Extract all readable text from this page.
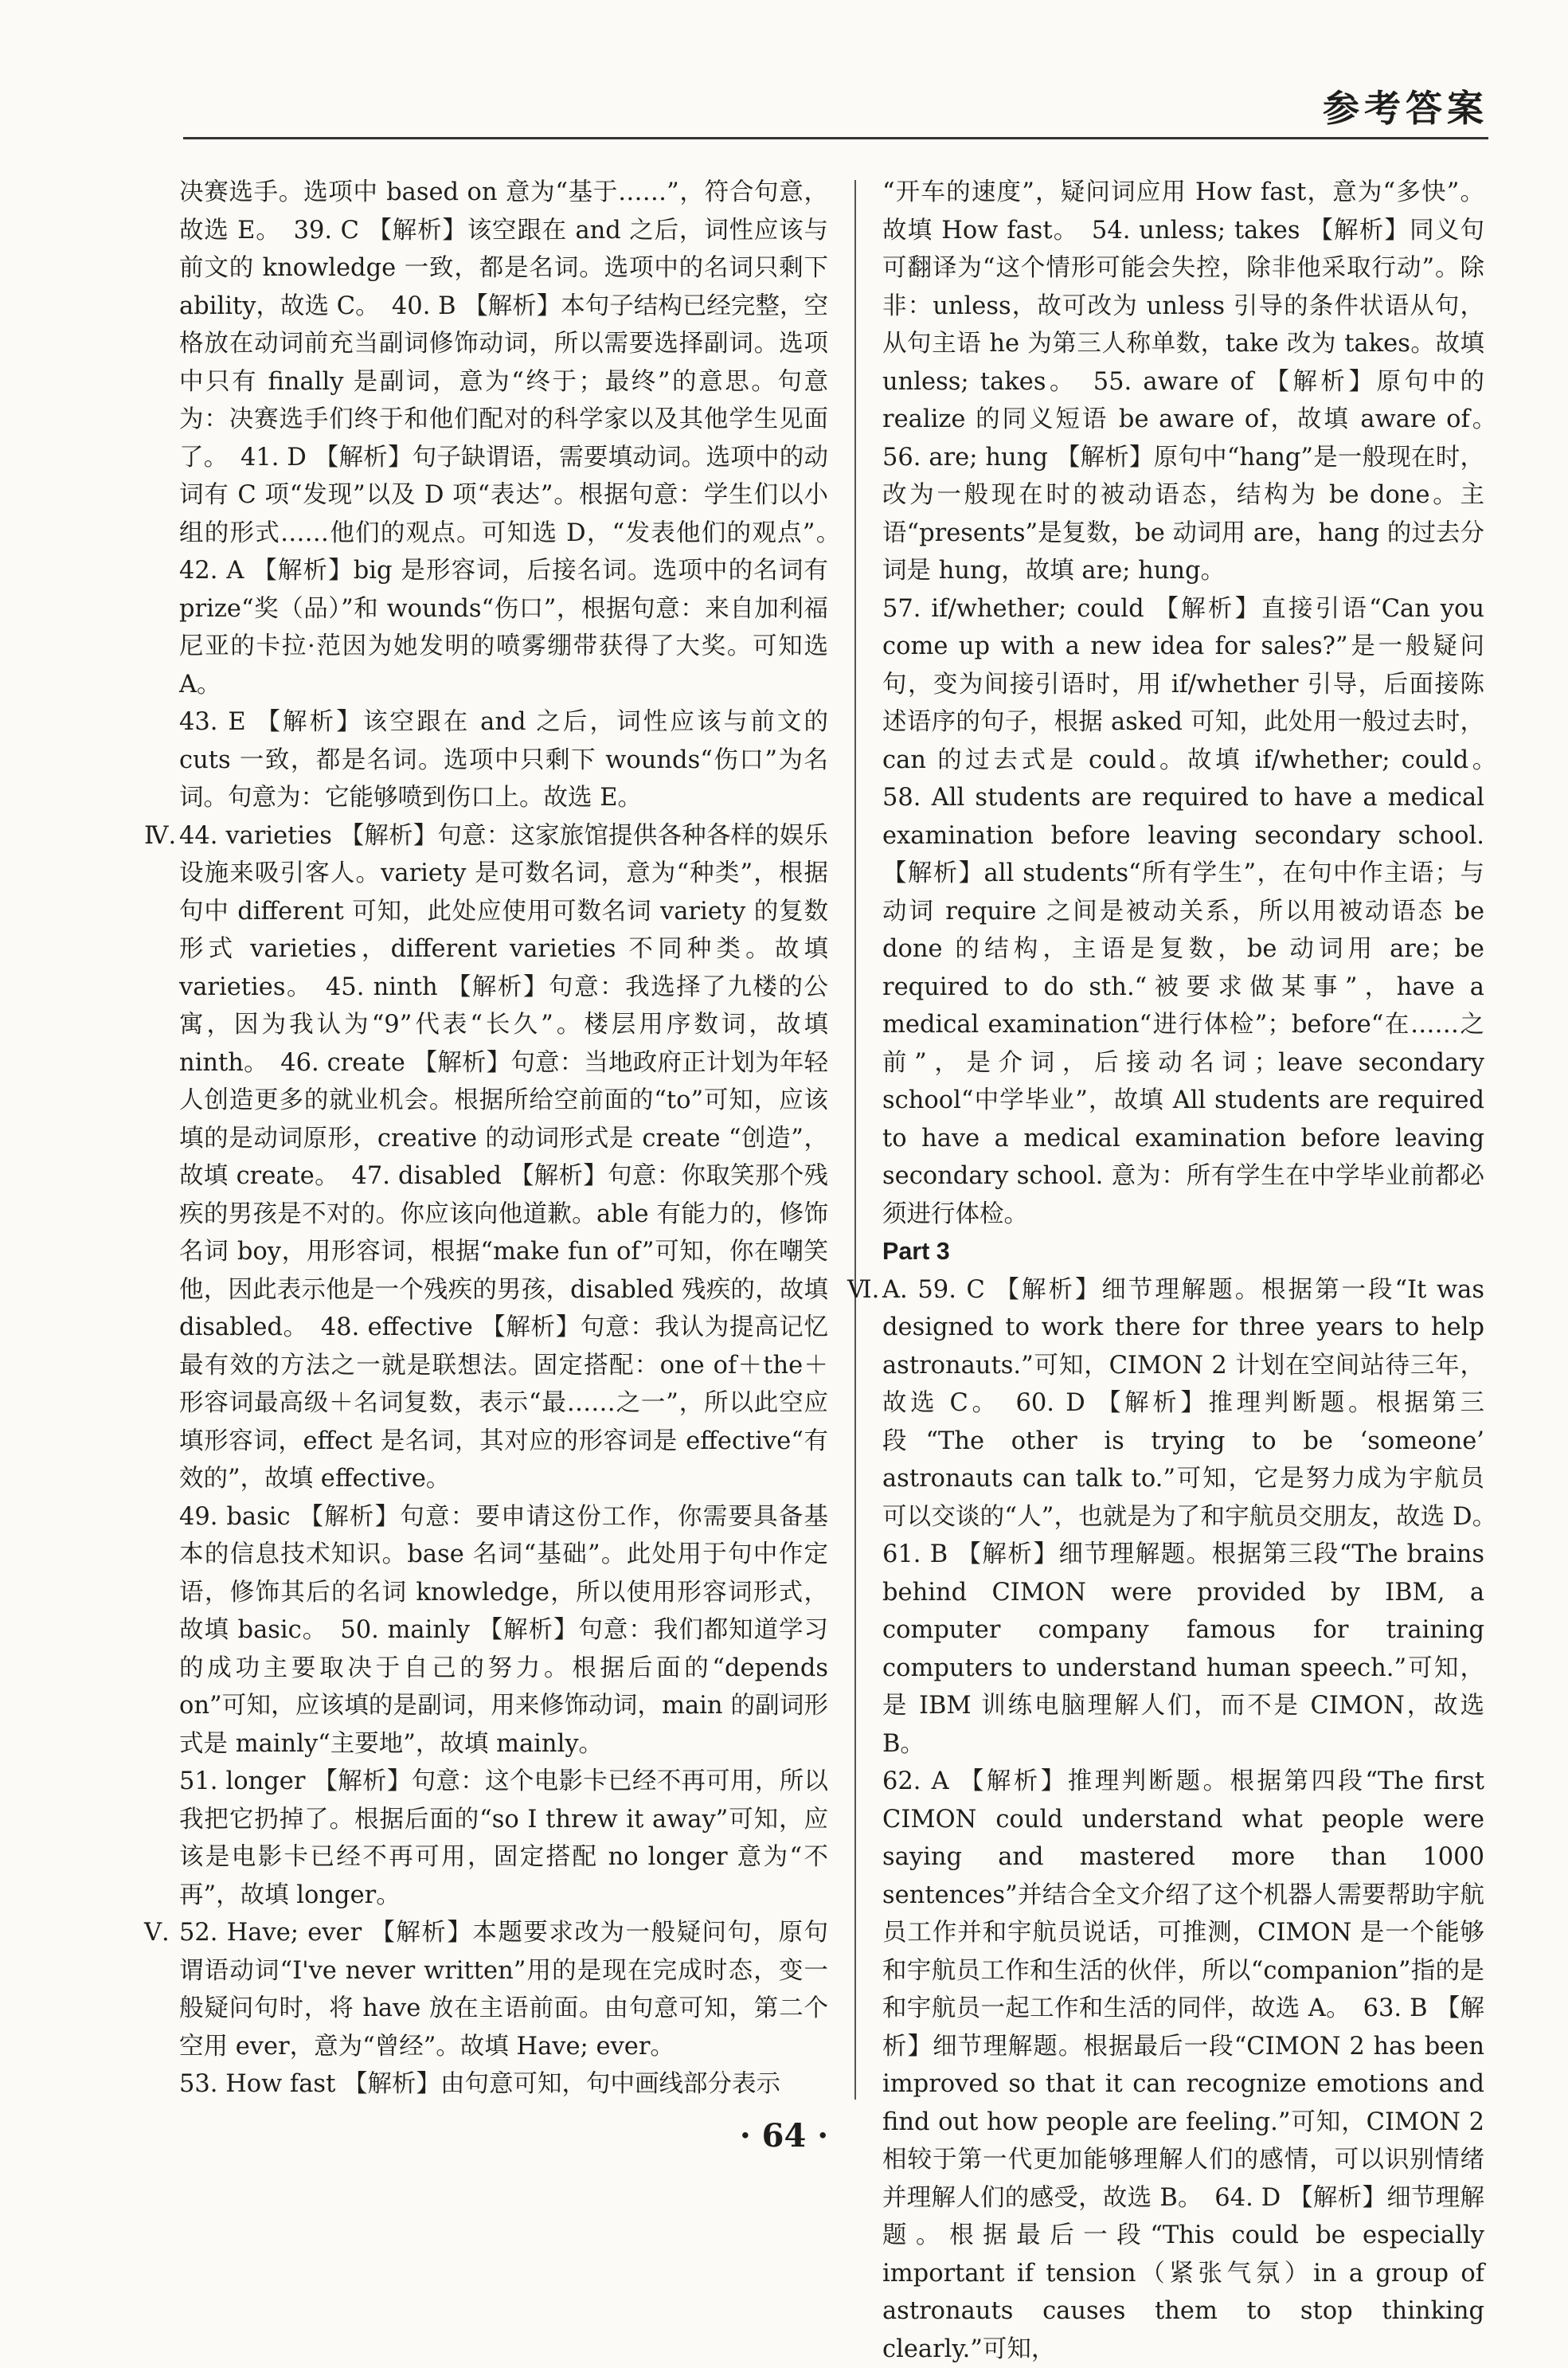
参考答案

决赛选手。选项中 based on 意为“基于……”，符合句意，故选 E。　39. C 【解析】该空跟在 and 之后，词性应该与前文的 knowledge 一致，都是名词。选项中的名词只剩下 ability，故选 C。　40. B 【解析】本句子结构已经完整，空格放在动词前充当副词修饰动词，所以需要选择副词。选项中只有 finally 是副词，意为“终于；最终”的意思。句意为：决赛选手们终于和他们配对的科学家以及其他学生见面了。　41. D 【解析】句子缺谓语，需要填动词。选项中的动词有 C 项“发现”以及 D 项“表达”。根据句意：学生们以小组的形式……他们的观点。可知选 D，“发表他们的观点”。　42. A 【解析】big 是形容词，后接名词。选项中的名词有 prize“奖（品）”和 wounds“伤口”，根据句意：来自加利福尼亚的卡拉·范因为她发明的喷雾绷带获得了大奖。可知选 A。

43. E 【解析】该空跟在 and 之后，词性应该与前文的 cuts 一致，都是名词。选项中只剩下 wounds“伤口”为名词。句意为：它能够喷到伤口上。故选 E。

Ⅳ. 44. varieties 【解析】句意：这家旅馆提供各种各样的娱乐设施来吸引客人。variety 是可数名词，意为“种类”，根据句中 different 可知，此处应使用可数名词 variety 的复数形式 varieties，different varieties 不同种类。故填 varieties。　45. ninth 【解析】句意：我选择了九楼的公寓，因为我认为“9”代表“长久”。楼层用序数词，故填 ninth。　46. create 【解析】句意：当地政府正计划为年轻人创造更多的就业机会。根据所给空前面的“to”可知，应该填的是动词原形，creative 的动词形式是 create “创造”，故填 create。　47. disabled 【解析】句意：你取笑那个残疾的男孩是不对的。你应该向他道歉。able 有能力的，修饰名词 boy，用形容词，根据“make fun of”可知，你在嘲笑他，因此表示他是一个残疾的男孩，disabled 残疾的，故填 disabled。　48. effective 【解析】句意：我认为提高记忆最有效的方法之一就是联想法。固定搭配：one of＋the＋形容词最高级＋名词复数，表示“最……之一”，所以此空应填形容词，effect 是名词，其对应的形容词是 effective“有效的”，故填 effective。

49. basic 【解析】句意：要申请这份工作，你需要具备基本的信息技术知识。base 名词“基础”。此处用于句中作定语，修饰其后的名词 knowledge，所以使用形容词形式，故填 basic。　50. mainly 【解析】句意：我们都知道学习的成功主要取决于自己的努力。根据后面的“depends on”可知，应该填的是副词，用来修饰动词，main 的副词形式是 mainly“主要地”，故填 mainly。

51. longer 【解析】句意：这个电影卡已经不再可用，所以我把它扔掉了。根据后面的“so I threw it away”可知，应该是电影卡已经不再可用，固定搭配 no longer 意为“不再”，故填 longer。

Ⅴ. 52. Have; ever 【解析】本题要求改为一般疑问句，原句谓语动词“I've never written”用的是现在完成时态，变一般疑问句时，将 have 放在主语前面。由句意可知，第二个空用 ever，意为“曾经”。故填 Have; ever。

53. How fast 【解析】由句意可知，句中画线部分表示

“开车的速度”，疑问词应用 How fast，意为“多快”。故填 How fast。　54. unless; takes 【解析】同义句可翻译为“这个情形可能会失控，除非他采取行动”。除非：unless，故可改为 unless 引导的条件状语从句，从句主语 he 为第三人称单数，take 改为 takes。故填 unless; takes。　55. aware of 【解析】原句中的 realize 的同义短语 be aware of，故填 aware of。　56. are; hung 【解析】原句中“hang”是一般现在时，改为一般现在时的被动语态，结构为 be done。主语“presents”是复数，be 动词用 are，hang 的过去分词是 hung，故填 are; hung。

57. if/whether; could 【解析】直接引语“Can you come up with a new idea for sales?”是一般疑问句，变为间接引语时，用 if/whether 引导，后面接陈述语序的句子，根据 asked 可知，此处用一般过去时，can 的过去式是 could。故填 if/whether; could。　58. All students are required to have a medical examination before leaving secondary school. 【解析】all students“所有学生”，在句中作主语；与动词 require 之间是被动关系，所以用被动语态 be done 的结构，主语是复数，be 动词用 are；be required to do sth.“被要求做某事”，have a medical examination“进行体检”；before“在……之前”，是介词，后接动名词；leave secondary school“中学毕业”，故填 All students are required to have a medical examination before leaving secondary school. 意为：所有学生在中学毕业前都必须进行体检。

Part 3

Ⅵ. A. 59. C 【解析】细节理解题。根据第一段“It was designed to work there for three years to help astronauts.”可知，CIMON 2 计划在空间站待三年，故选 C。　60. D 【解析】推理判断题。根据第三段“The other is trying to be ‘someone’ astronauts can talk to.”可知，它是努力成为宇航员可以交谈的“人”，也就是为了和宇航员交朋友，故选 D。　61. B 【解析】细节理解题。根据第三段“The brains behind CIMON were provided by IBM, a computer company famous for training computers to understand human speech.”可知，是 IBM 训练电脑理解人们，而不是 CIMON，故选 B。

62. A 【解析】推理判断题。根据第四段“The first CIMON could understand what people were saying and mastered more than 1000 sentences”并结合全文介绍了这个机器人需要帮助宇航员工作并和宇航员说话，可推测，CIMON 是一个能够和宇航员工作和生活的伙伴，所以“companion”指的是和宇航员一起工作和生活的同伴，故选 A。　63. B 【解析】细节理解题。根据最后一段“CIMON 2 has been improved so that it can recognize emotions and find out how people are feeling.”可知，CIMON 2 相较于第一代更加能够理解人们的感情，可以识别情绪并理解人们的感受，故选 B。　64. D 【解析】细节理解题。根据最后一段“This could be especially important if tension（紧张气氛）in a group of astronauts causes them to stop thinking clearly.”可知，

· 64 ·
